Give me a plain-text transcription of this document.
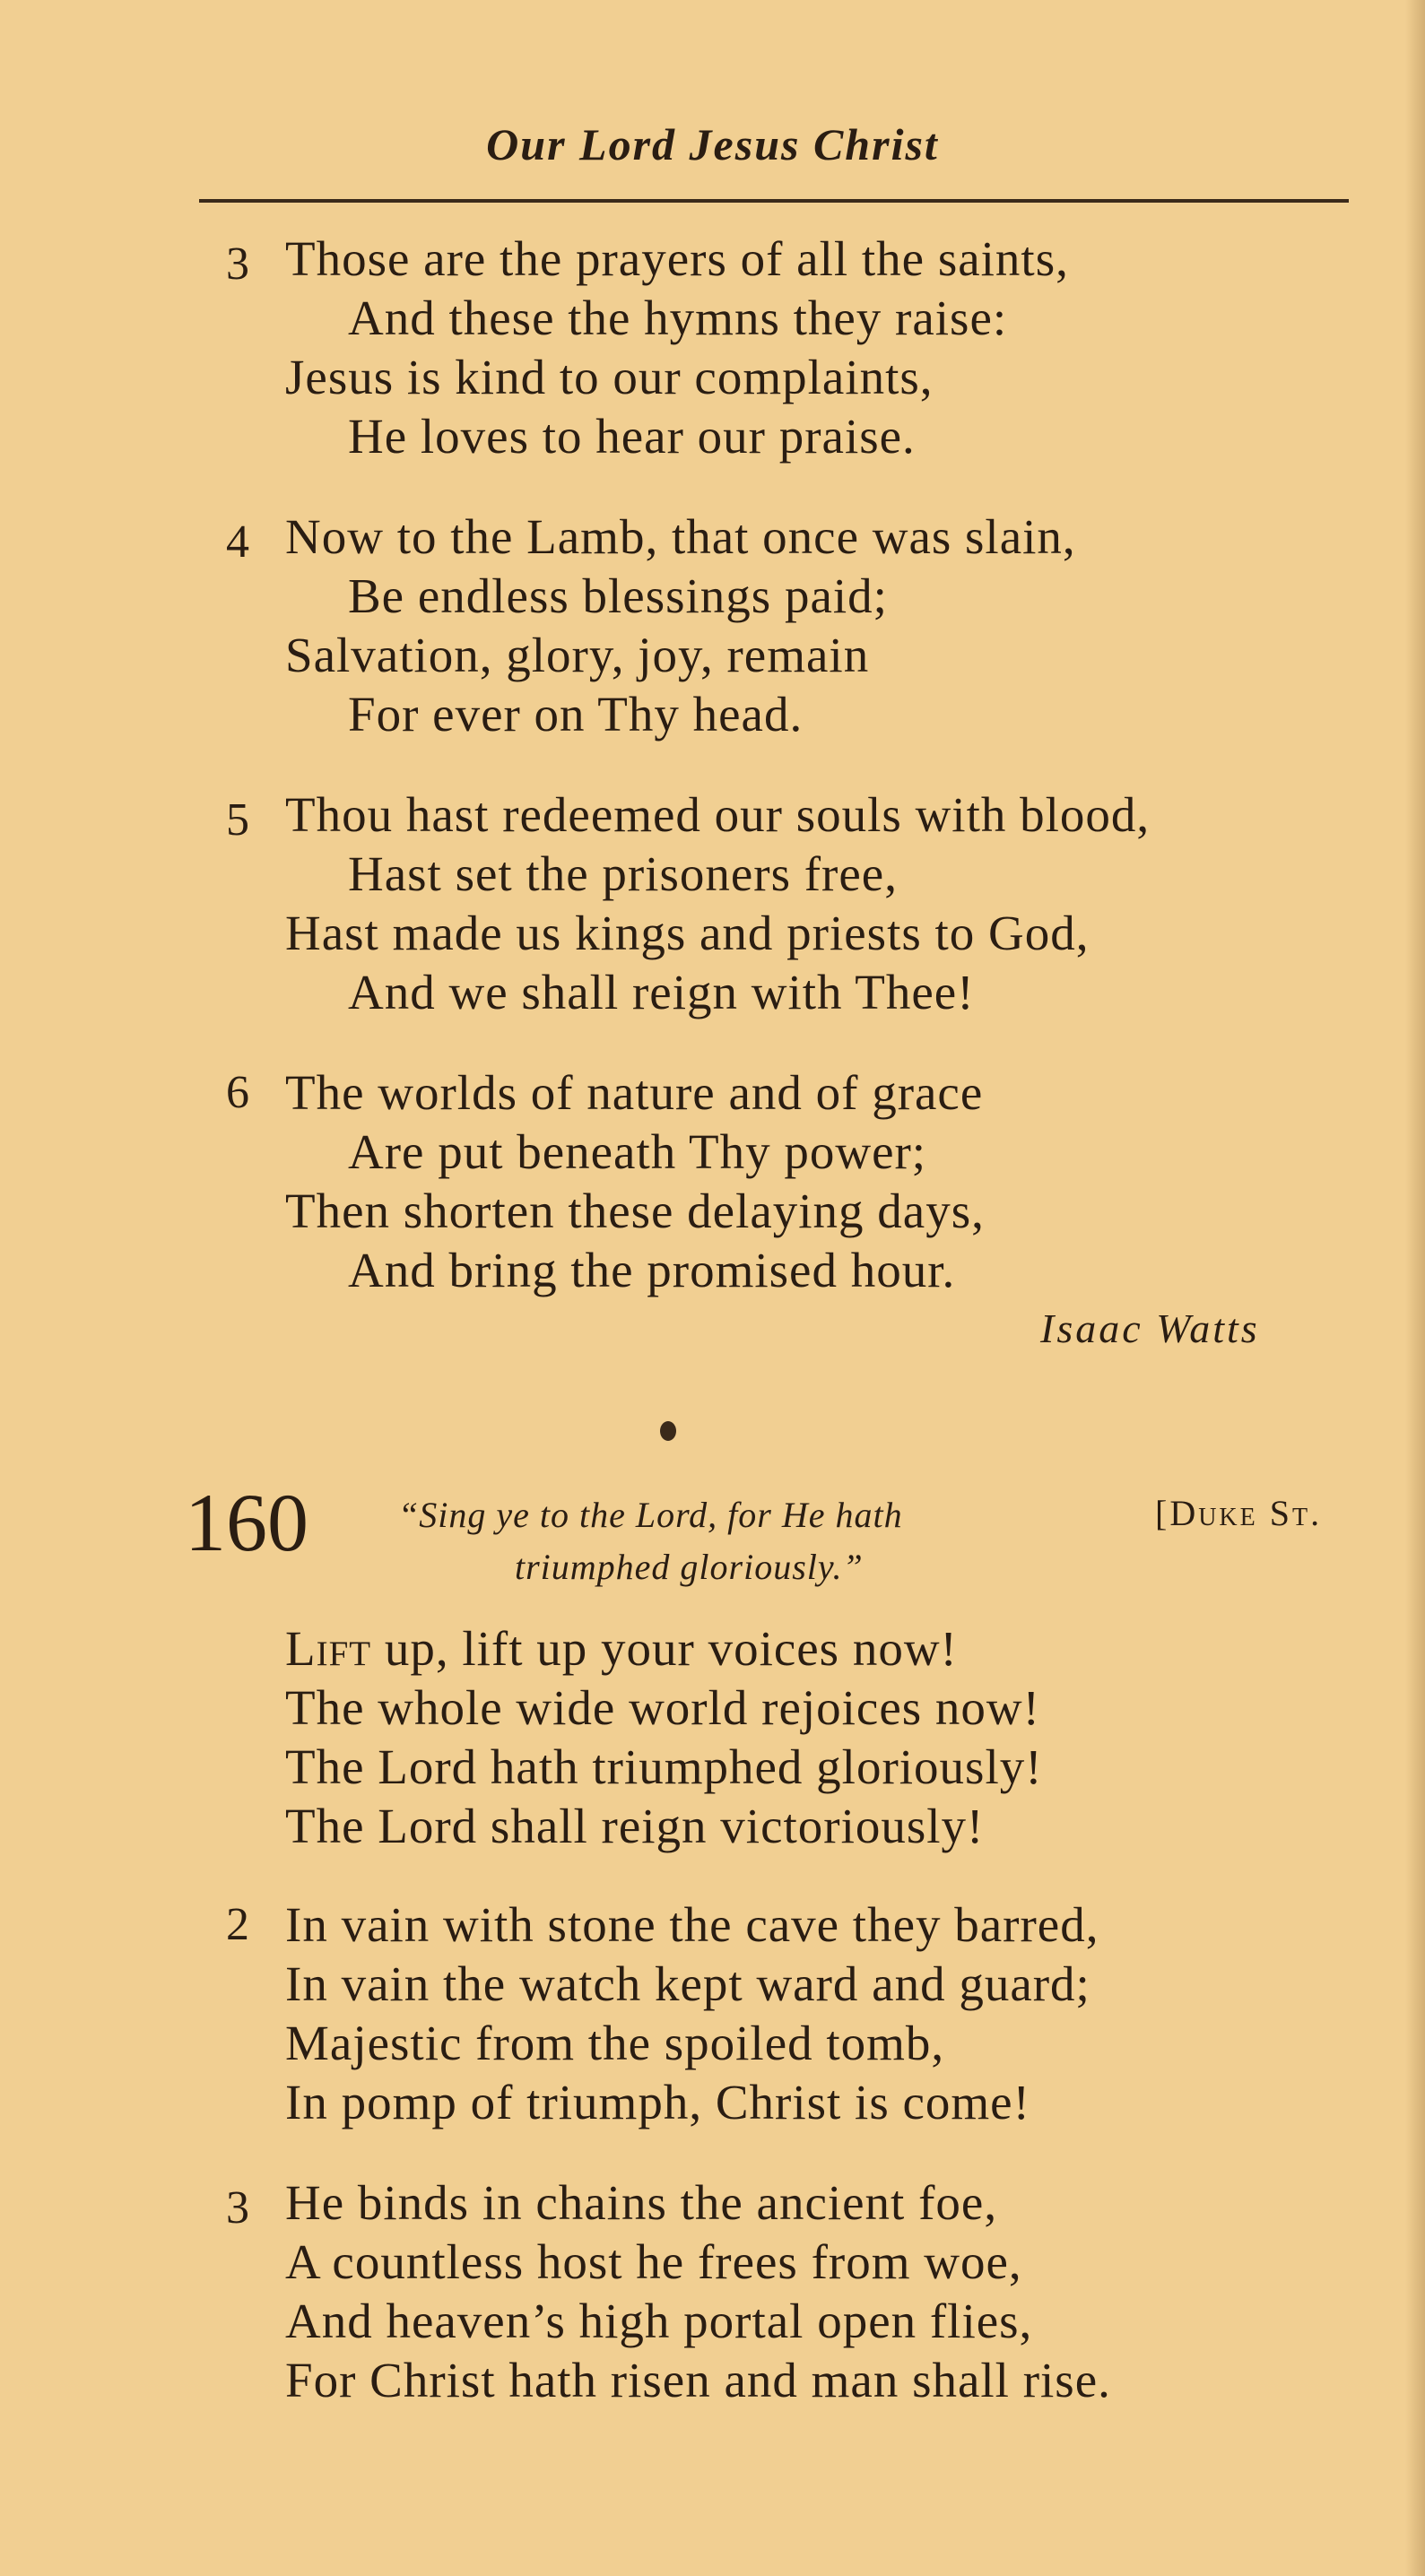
Our Lord Jesus Christ
3 Those are the prayers of all the saints,
And these the hymns they raise:
Jesus is kind to our complaints,
He loves to hear our praise.
4 Now to the Lamb, that once was slain,
Be endless blessings paid;
Salvation, glory, joy, remain
For ever on Thy head.
5 Thou hast redeemed our souls with blood,
Hast set the prisoners free,
Hast made us kings and priests to God,
And we shall reign with Thee!
6 The worlds of nature and of grace
Are put beneath Thy power;
Then shorten these delaying days,
And bring the promised hour.
Isaac Watts
160	“Sing ye to the Lord, for He hath
triumphed gloriously.”
[Duke St.
Lift up, lift up your voices now!
The whole wide world rejoices now!
The Lord hath triumphed gloriously!
The Lord shall reign victoriously!
2 In vain with stone the cave they barred,
In vain the watch kept ward and guard;
Majestic from the spoiled tomb,
In pomp of triumph, Christ is come!
3 He binds in chains the ancient foe,
A countless host he frees from woe,
And heaven’s high portal open flies,
For Christ hath risen and man shall rise.
